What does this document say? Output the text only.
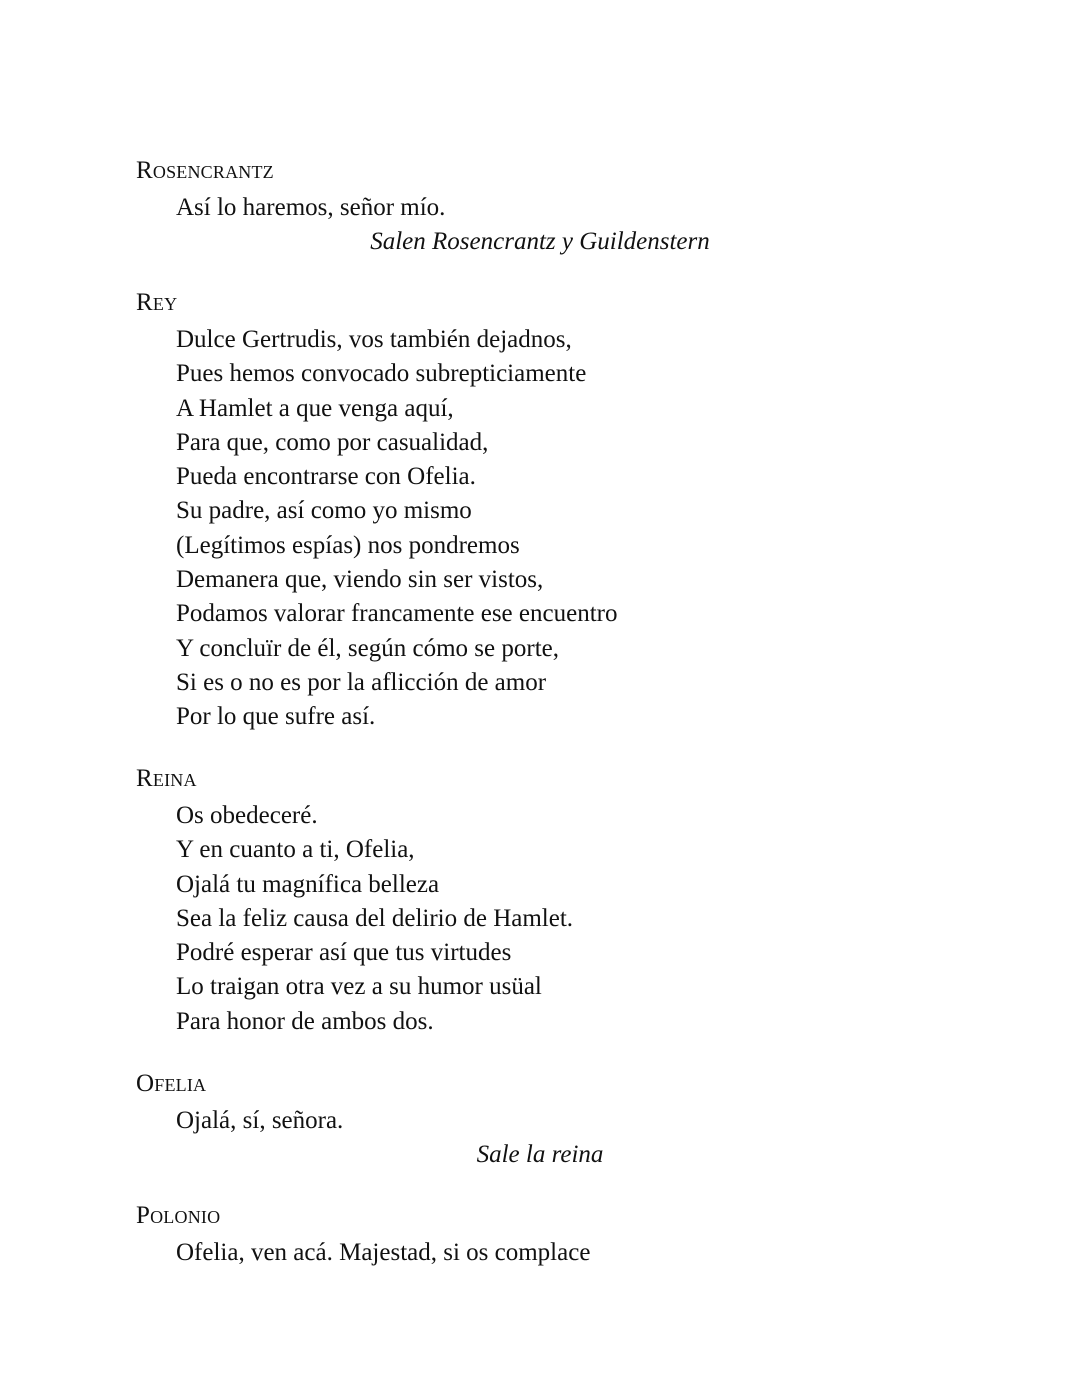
Rosencrantz
Así lo haremos, señor mío.
Salen Rosencrantz y Guildenstern
Rey
Dulce Gertrudis, vos también dejadnos,
Pues hemos convocado subrepticiamente
A Hamlet a que venga aquí,
Para que, como por casualidad,
Pueda encontrarse con Ofelia.
Su padre, así como yo mismo
(Legítimos espías) nos pondremos
Demanera que, viendo sin ser vistos,
Podamos valorar francamente ese encuentro
Y concluïr de él, según cómo se porte,
Si es o no es por la aflicción de amor
Por lo que sufre así.
Reina
Os obedeceré.
Y en cuanto a ti, Ofelia,
Ojalá tu magnífica belleza
Sea la feliz causa del delirio de Hamlet.
Podré esperar así que tus virtudes
Lo traigan otra vez a su humor usüal
Para honor de ambos dos.
Ofelia
Ojalá, sí, señora.
Sale la reina
Polonio
Ofelia, ven acá. Majestad, si os complace
